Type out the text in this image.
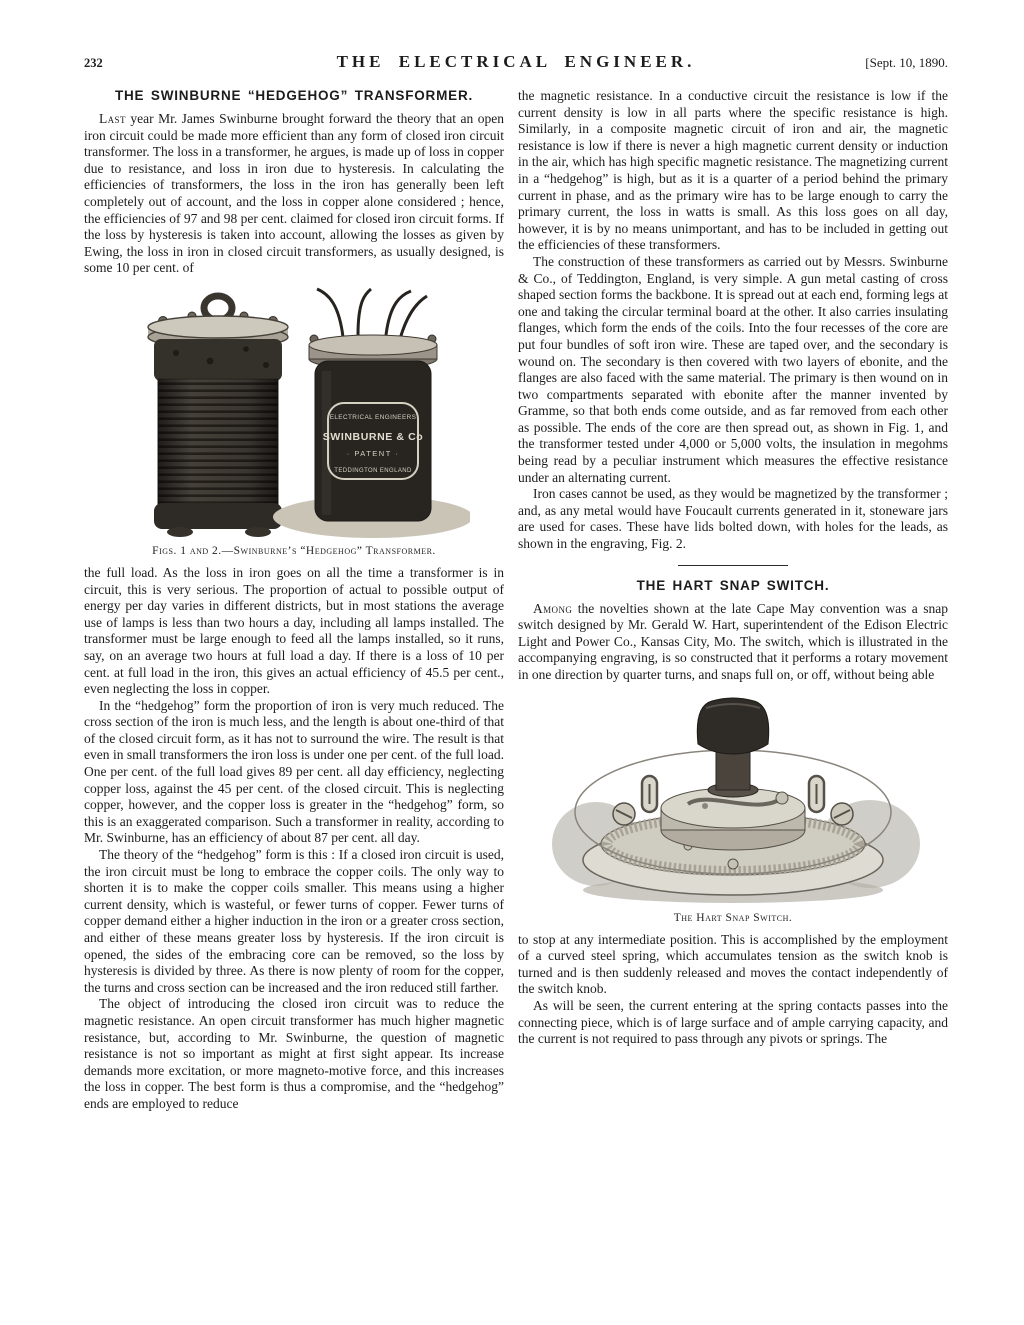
232	THE ELECTRICAL ENGINEER.	[Sept. 10, 1890.
THE SWINBURNE “HEDGEHOG” TRANSFORMER.

Last year Mr. James Swinburne brought forward the theory that an open iron circuit could be made more efficient than any form of closed iron circuit transformer. The loss in a transformer, he argues, is made up of loss in copper due to resistance, and loss in iron due to hysteresis. In calculating the efficiencies of transformers, the loss in the iron has generally been left completely out of account, and the loss in copper alone considered ; hence, the efficiencies of 97 and 98 per cent. claimed for closed iron circuit forms. If the loss by hysteresis is taken into account, allowing the losses as given by Ewing, the loss in iron in closed circuit transformers, as usually designed, is some 10 per cent. of

ELECTRICAL ENGINEERS
SWINBURNE & Co
· PATENT ·
TEDDINGTON ENGLAND
Figs. 1 and 2.—Swinburne’s “Hedgehog” Transformer.

the full load. As the loss in iron goes on all the time a transformer is in circuit, this is very serious. The proportion of actual to possible output of energy per day varies in different districts, but in most stations the average use of lamps is less than two hours a day, including all lamps installed. The transformer must be large enough to feed all the lamps installed, so it runs, say, on an average two hours at full load a day. If there is a loss of 10 per cent. at full load in the iron, this gives an actual efficiency of 45.5 per cent., even neglecting the loss in copper.

In the “hedgehog” form the proportion of iron is very much reduced. The cross section of the iron is much less, and the length is about one-third of that of the closed circuit form, as it has not to surround the wire. The result is that even in small transformers the iron loss is under one per cent. of the full load. One per cent. of the full load gives 89 per cent. all day efficiency, neglecting copper loss, against the 45 per cent. of the closed circuit. This is neglecting copper, however, and the copper loss is greater in the “hedgehog” form, so this is an exaggerated comparison. Such a transformer in reality, according to Mr. Swinburne, has an efficiency of about 87 per cent. all day.

The theory of the “hedgehog” form is this : If a closed iron circuit is used, the iron circuit must be long to embrace the copper coils. The only way to shorten it is to make the copper coils smaller. This means using a higher current density, which is wasteful, or fewer turns of copper. Fewer turns of copper demand either a higher induction in the iron or a greater cross section, and either of these means greater loss by hysteresis. If the iron circuit is opened, the sides of the embracing core can be removed, so the loss by hysteresis is divided by three. As there is now plenty of room for the copper, the turns and cross section can be increased and the iron reduced still farther.

The object of introducing the closed iron circuit was to reduce the magnetic resistance. An open circuit transformer has much higher magnetic resistance, but, according to Mr. Swinburne, the question of magnetic resistance is not so important as might at first sight appear. Its increase demands more excitation, or more magneto-motive force, and this increases the loss in copper. The best form is thus a compromise, and the “hedgehog” ends are employed to reduce

the magnetic resistance. In a conductive circuit the resistance is low if the current density is low in all parts where the specific resistance is high. Similarly, in a composite magnetic circuit of iron and air, the magnetic resistance is low if there is never a high magnetic current density or induction in the air, which has high specific magnetic resistance. The magnetizing current in a “hedgehog” is high, but as it is a quarter of a period behind the primary current in phase, and as the primary wire has to be large enough to carry the primary current, the loss in watts is small. As this loss goes on all day, however, it is by no means unimportant, and has to be included in getting out the efficiencies of these transformers.

The construction of these transformers as carried out by Messrs. Swinburne & Co., of Teddington, England, is very simple. A gun metal casting of cross shaped section forms the backbone. It is spread out at each end, forming legs at one and taking the circular terminal board at the other. It also carries insulating flanges, which form the ends of the coils. Into the four recesses of the core are put four bundles of soft iron wire. These are taped over, and the secondary is wound on. The secondary is then covered with two layers of ebonite, and the flanges are also faced with the same material. The primary is then wound on in two compartments separated with ebonite after the manner invented by Gramme, so that both ends come outside, and as far removed from each other as possible. The ends of the core are then spread out, as shown in Fig. 1, and the transformer tested under 4,000 or 5,000 volts, the insulation in megohms being read by a peculiar instrument which measures the effective resistance under an alternating current.

Iron cases cannot be used, as they would be magnetized by the transformer ; and, as any metal would have Foucault currents generated in it, stoneware jars are used for cases. These have lids bolted down, with holes for the leads, as shown in the engraving, Fig. 2.

THE HART SNAP SWITCH.

Among the novelties shown at the late Cape May convention was a snap switch designed by Mr. Gerald W. Hart, superintendent of the Edison Electric Light and Power Co., Kansas City, Mo. The switch, which is illustrated in the accompanying engraving, is so constructed that it performs a rotary movement in one direction by quarter turns, and snaps full on, or off, without being able

The Hart Snap Switch.

to stop at any intermediate position. This is accomplished by the employment of a curved steel spring, which accumulates tension as the switch knob is turned and is then suddenly released and moves the contact independently of the switch knob.

As will be seen, the current entering at the spring contacts passes into the connecting piece, which is of large surface and of ample carrying capacity, and the current is not required to pass through any pivots or springs. The
